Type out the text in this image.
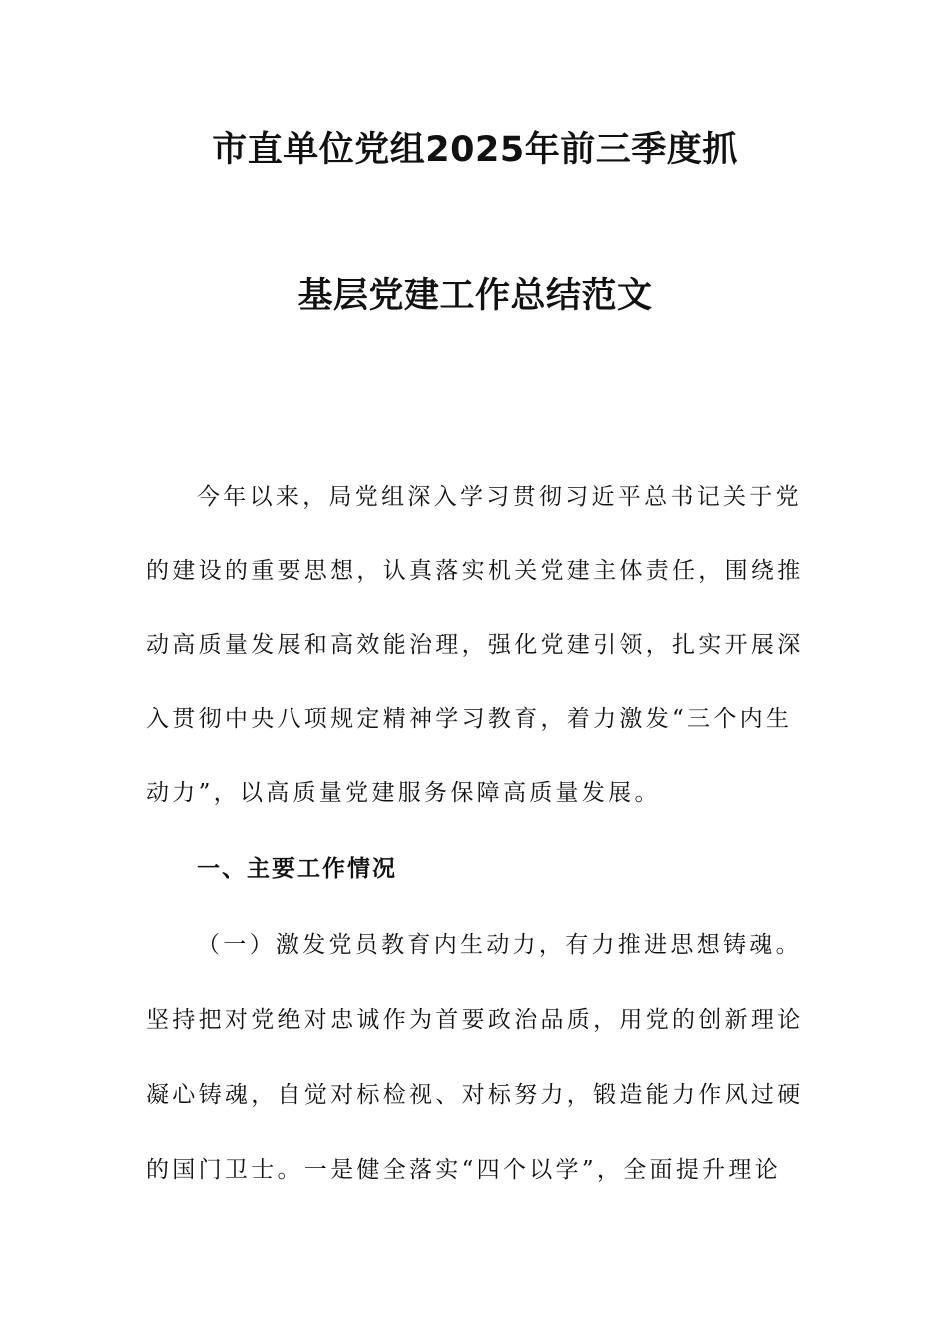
市直单位党组2025年前三季度抓
基层党建工作总结范文
今年以来，局党组深入学习贯彻习近平总书记关于党
的建设的重要思想，认真落实机关党建主体责任，围绕推
动高质量发展和高效能治理，强化党建引领，扎实开展深
入贯彻中央八项规定精神学习教育，着力激发“三个内生
动力”，以高质量党建服务保障高质量发展。
一、主要工作情况
（一）激发党员教育内生动力，有力推进思想铸魂。
坚持把对党绝对忠诚作为首要政治品质，用党的创新理论
凝心铸魂，自觉对标检视、对标努力，锻造能力作风过硬
的国门卫士。一是健全落实“四个以学”，全面提升理论
